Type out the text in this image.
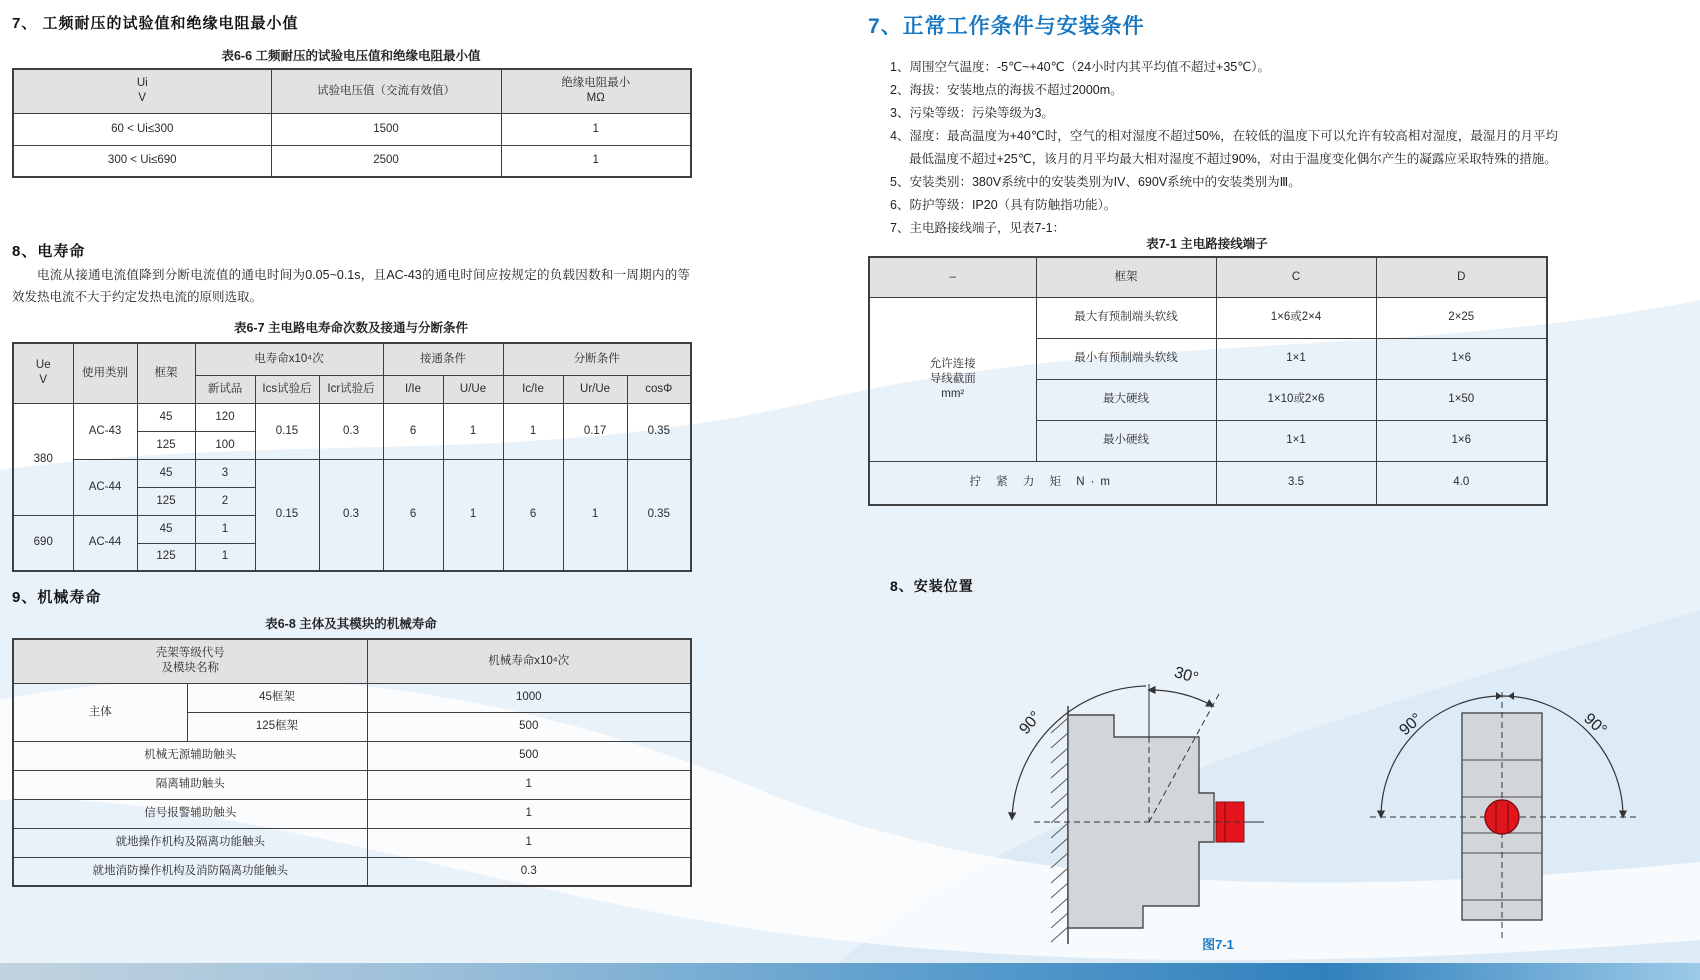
7、 工频耐压的试验值和绝缘电阻最小值
表6-6 工频耐压的试验电压值和绝缘电阻最小值
Ui
V
	试验电压值（交流有效值）	
绝缘电阻最小
MΩ

60 < Ui≤300	1500	1
300 < Ui≤690	2500	1
8、电寿命
电流从接通电流值降到分断电流值的通电时间为0.05~0.1s，且AC-43的通电时间应按规定的负载因数和一周期内的等效发热电流不大于约定发热电流的原则选取。
表6-7 主电路电寿命次数及接通与分断条件
Ue
V	使用类别	框架	电寿命x10⁴次			接通条件		分断条件		
			新试品	Ics试验后	Icr试验后	I/Ie	U/Ue	Ic/Ie	Ur/Ue	cosΦ
380	AC-43	45	120	0.15	0.3	6	1	1	0.17	0.35
		125	100							
	AC-44	45	3	0.15	0.3	6	1	6	1	0.35
		125	2							
690	AC-44	45	1							
		125	1							
9、机械寿命
表6-8 主体及其模块的机械寿命
壳架等级代号
及模块名称		机械寿命x10⁴次
主体	45框架	1000
	125框架	500
机械无源辅助触头		500
隔离辅助触头		1
信号报警辅助触头		1
就地操作机构及隔离功能触头		1
就地消防操作机构及消防隔离功能触头		0.3
7、正常工作条件与安装条件
1、周围空气温度：-5℃~+40℃（24小时内其平均值不超过+35℃）。
2、海拔：安装地点的海拔不超过2000m。
3、污染等级：污染等级为3。
4、湿度：最高温度为+40℃时，空气的相对湿度不超过50%，在较低的温度下可以允许有较高相对湿度，最湿月的月平均最低温度不超过+25℃，该月的月平均最大相对湿度不超过90%，对由于温度变化偶尔产生的凝露应采取特殊的措施。
5、安装类别：380V系统中的安装类别为IV、690V系统中的安装类别为Ⅲ。
6、防护等级：IP20（具有防触指功能）。
7、主电路接线端子，见表7-1：
表7-1 主电路接线端子
–	框架	C	D

允许连接
导线截面
mm²	最大有预制端头软线	1×6或2×4	2×25
	最小有预制端头软线	1×1	1×6
	最大硬线	1×10或2×6	1×50
	最小硬线	1×1	1×6
拧 紧 力 矩 N·m		3.5	4.0
8、安装位置
30°
90°	90°	90°
图7-1
